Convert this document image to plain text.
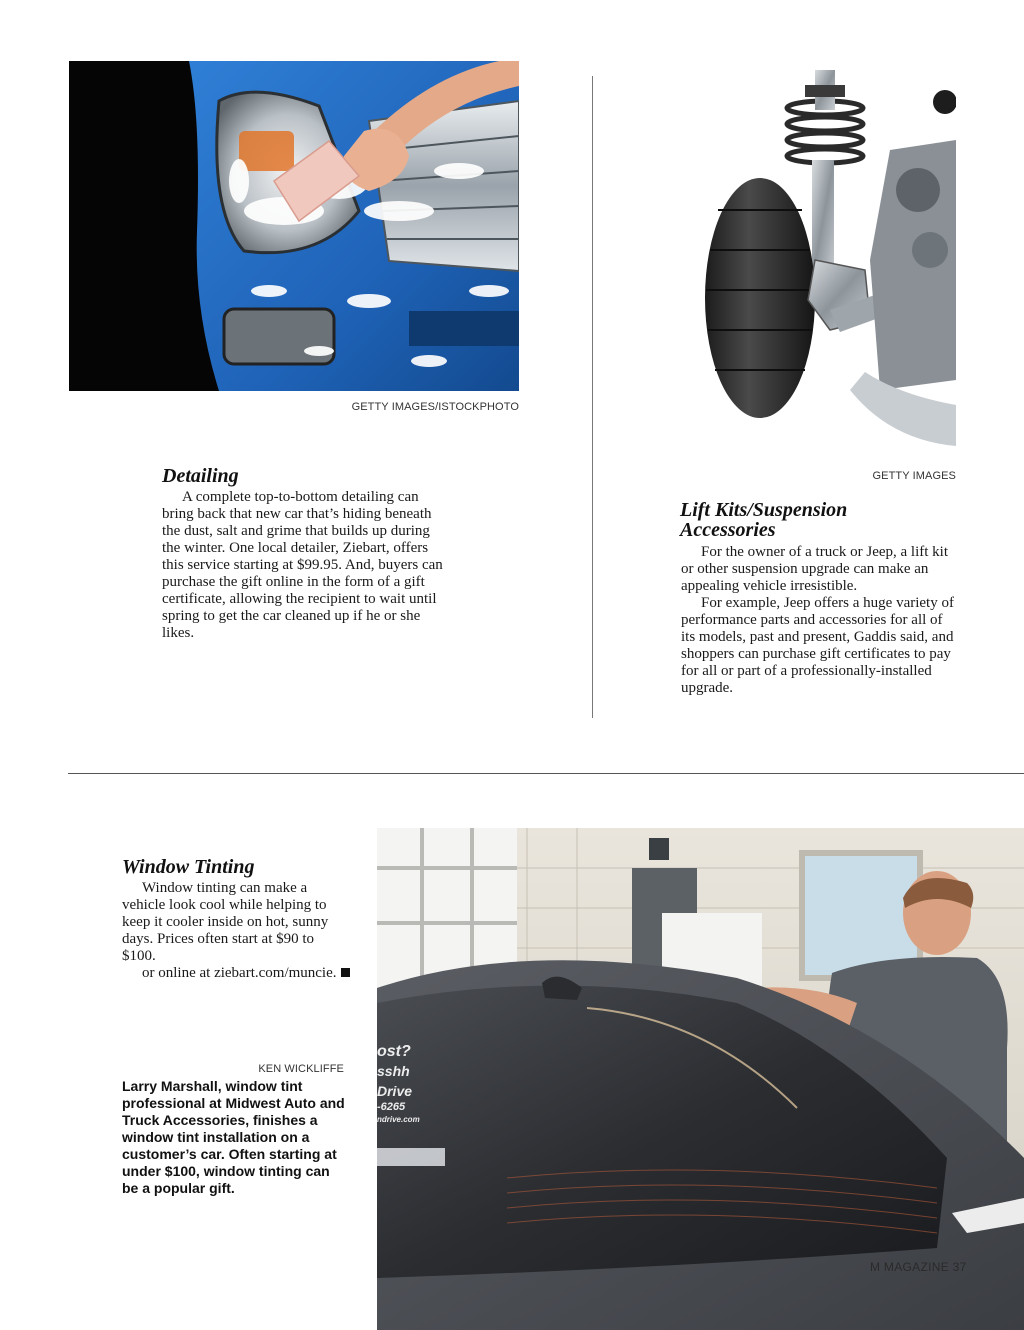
GETTY IMAGES/ISTOCKPHOTO
GETTY IMAGES
Detailing

A complete top-to-bottom detailing can bring back that new car that’s hiding beneath the dust, salt and grime that builds up during the winter. One local detailer, Ziebart, offers this service starting at $99.95. And, buyers can purchase the gift online in the form of a gift certificate, allowing the recipient to wait until spring to get the car cleaned up if he or she likes.

Lift Kits/Suspension
Accessories

For the owner of a truck or Jeep, a lift kit or other suspension upgrade can make an appealing vehicle irresistible.

For example, Jeep offers a huge variety of performance parts and accessories for all of its models, past and present, Gaddis said, and shoppers can purchase gift certificates to pay for all or part of a professionally-installed upgrade.

Window Tinting

Window tinting can make a vehicle look cool while helping to keep it cooler inside on hot, sunny days. Prices often start at $90 to $100.

or online at ziebart.com/muncie.

KEN WICKLIFFE
Larry Marshall, window tint professional at Midwest Auto and Truck Accessories, finishes a window tint installation on a customer’s car. Often starting at under $100, window tinting can be a popular gift.
ost?
sshh
Drive
-6265
ndrive.com
M MAGAZINE 37
